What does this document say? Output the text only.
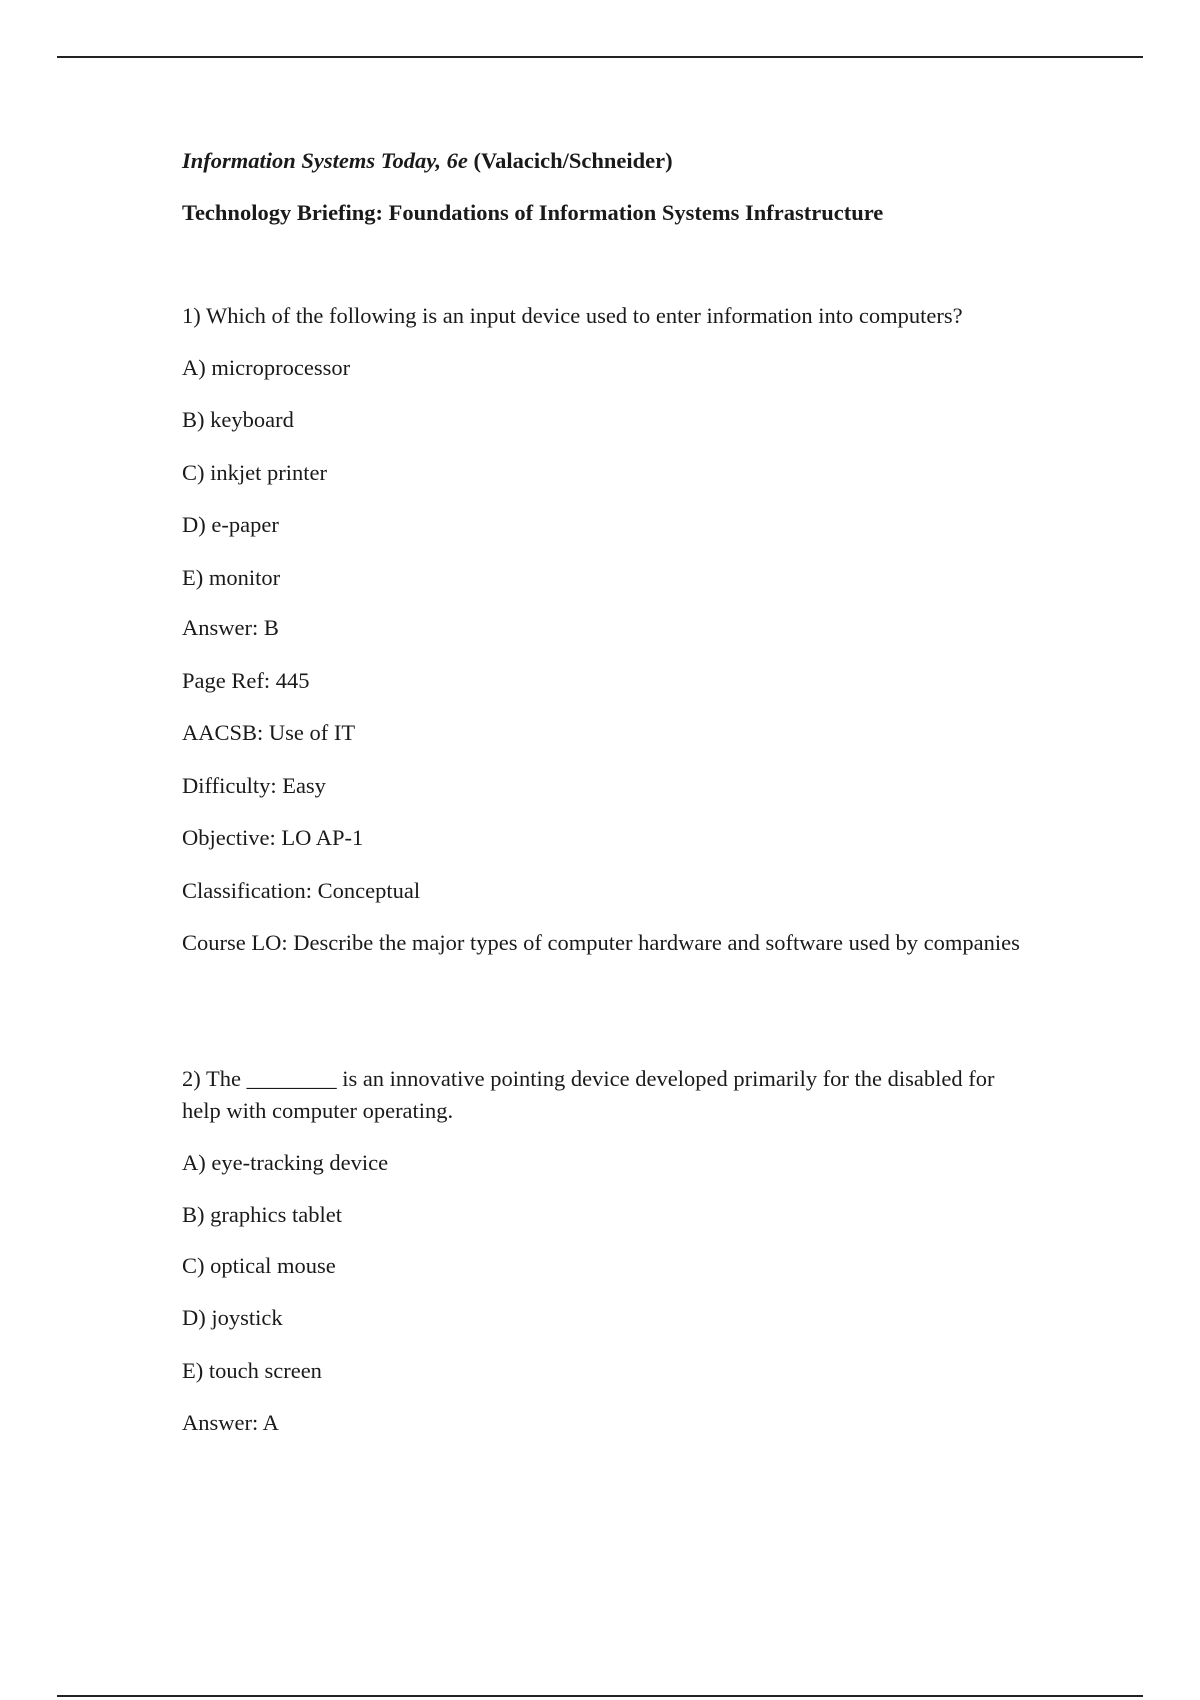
Information Systems Today, 6e (Valacich/Schneider)
Technology Briefing: Foundations of Information Systems Infrastructure
1) Which of the following is an input device used to enter information into computers?
A) microprocessor
B) keyboard
C) inkjet printer
D) e-paper
E) monitor
Answer: B
Page Ref: 445
AACSB: Use of IT
Difficulty: Easy
Objective: LO AP-1
Classification: Conceptual
Course LO: Describe the major types of computer hardware and software used by companies
2) The ________ is an innovative pointing device developed primarily for the disabled for help with computer operating.
A) eye-tracking device
B) graphics tablet
C) optical mouse
D) joystick
E) touch screen
Answer: A
